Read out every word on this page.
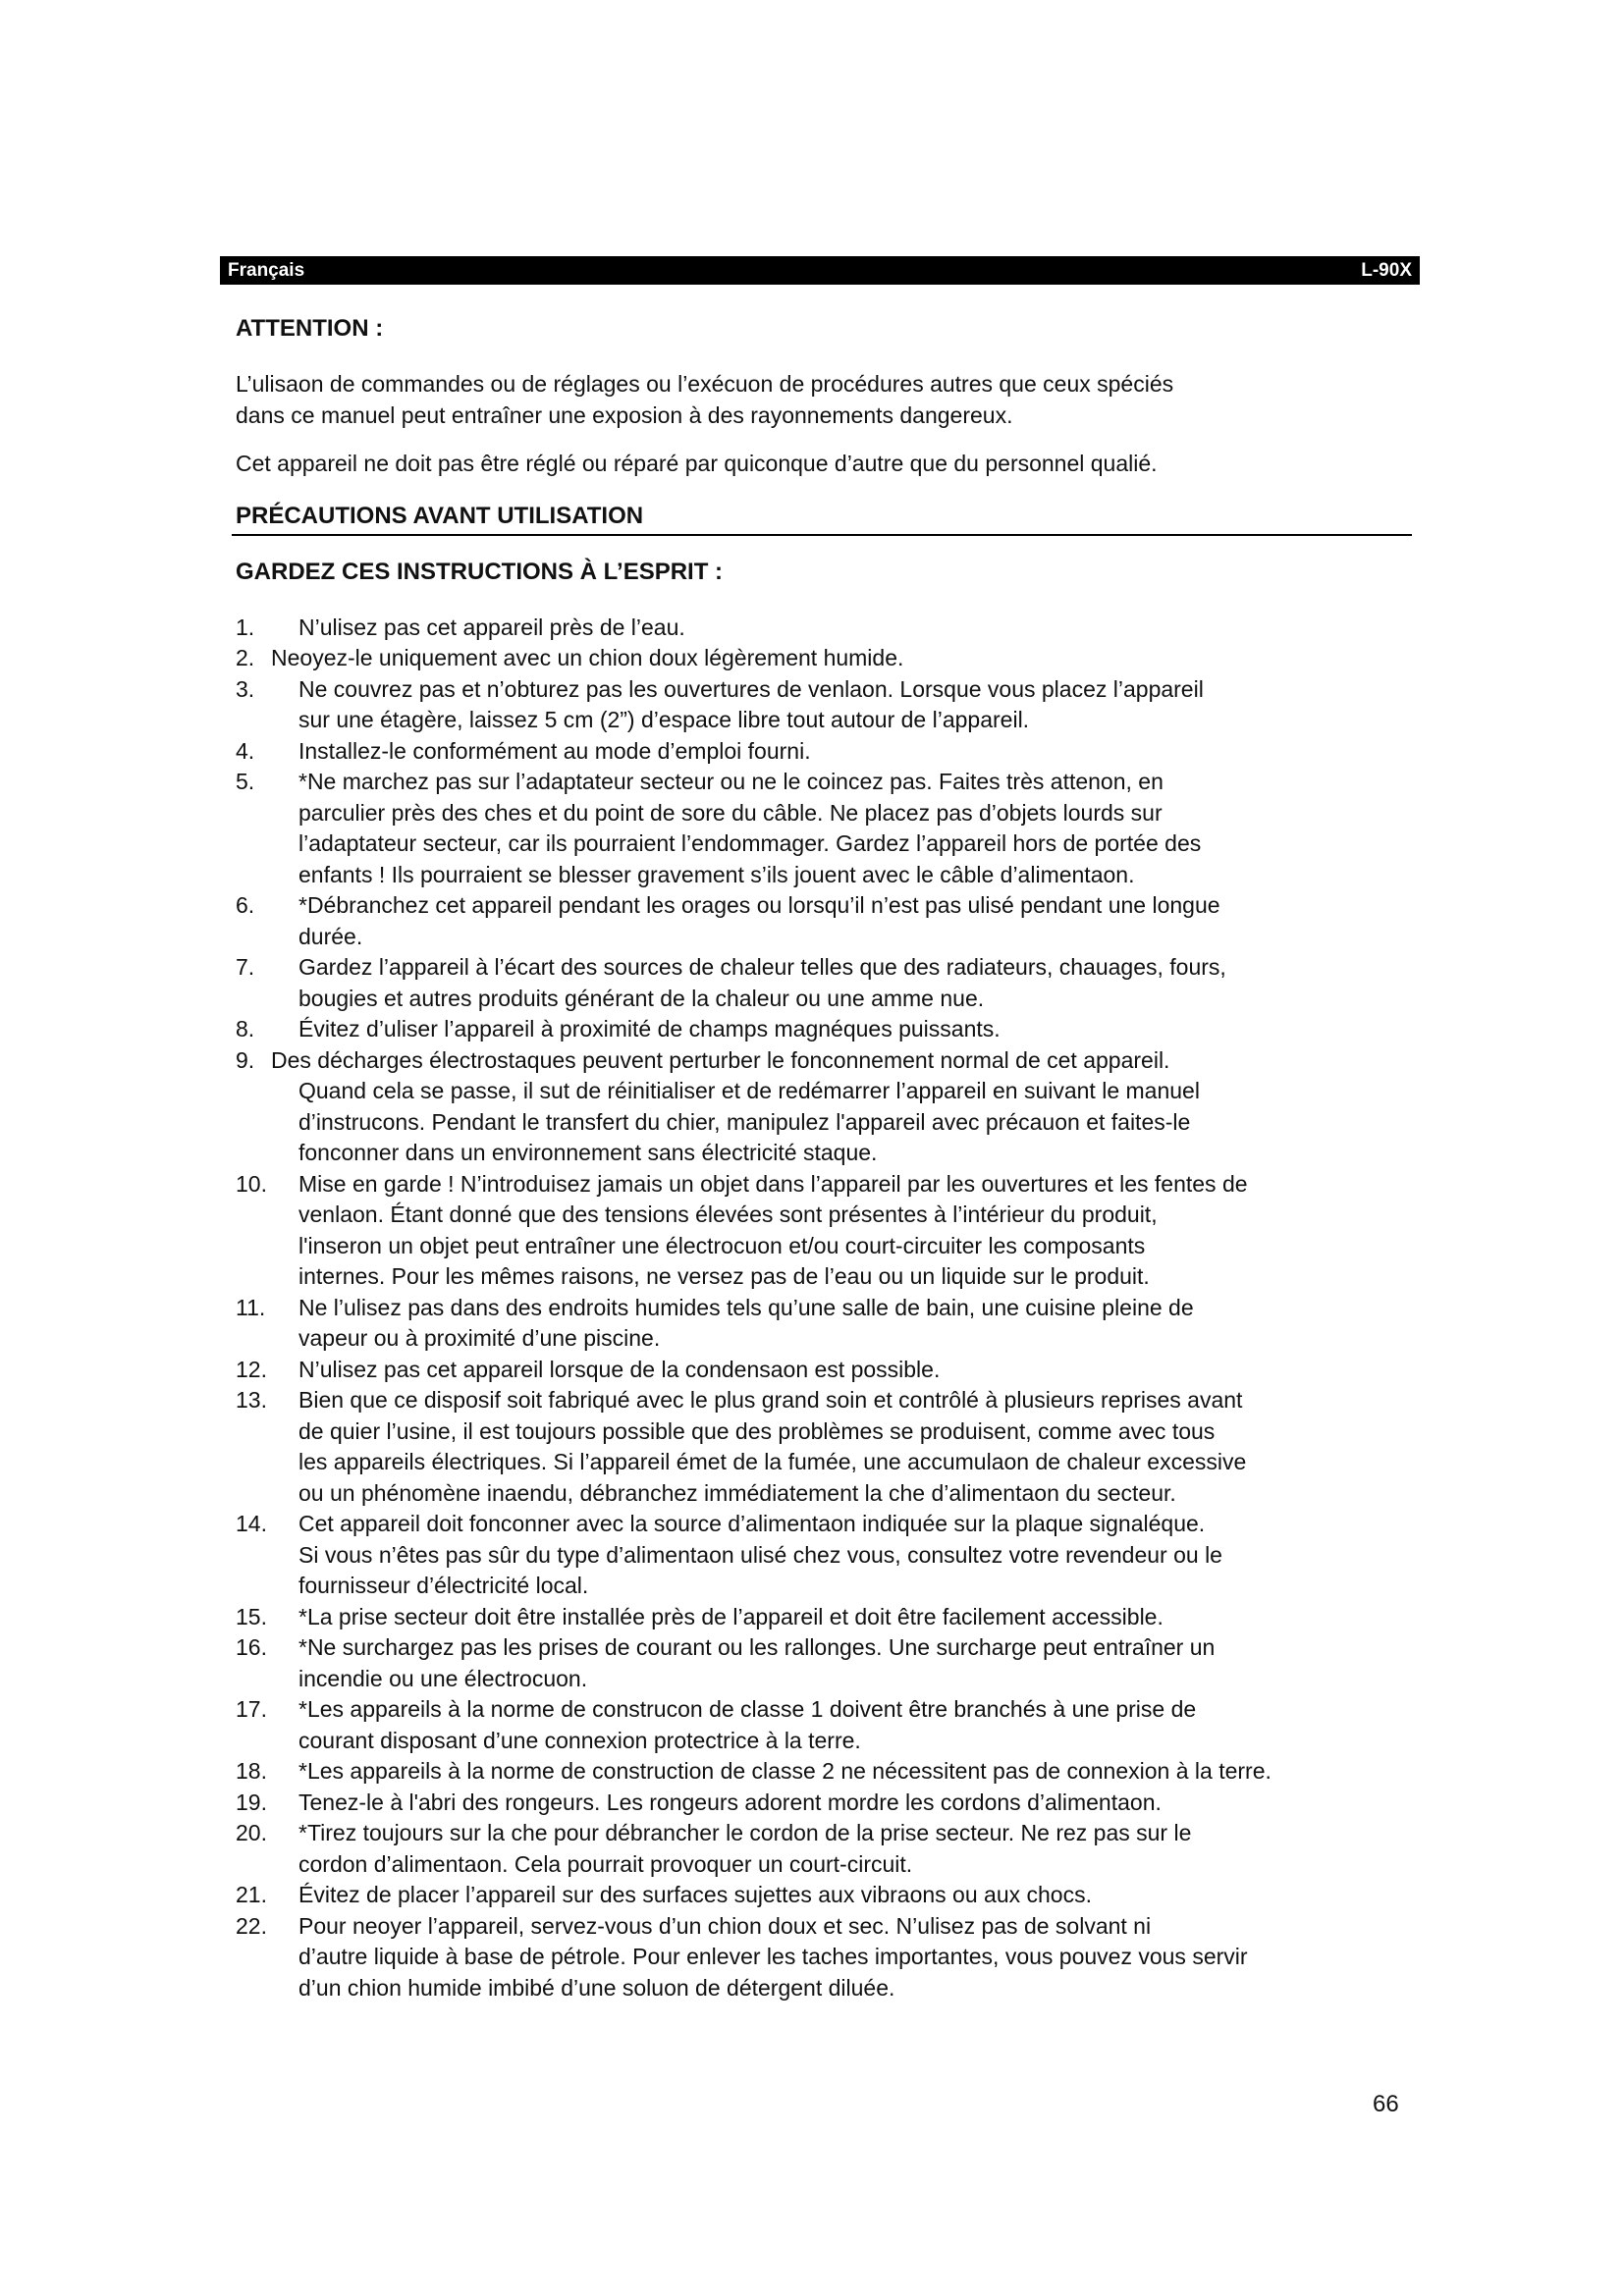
Français	L-90X
ATTENTION :

L’ulisaon de commandes ou de réglages ou l’exécuon de procédures autres que ceux spéciés
dans ce manuel peut entraîner une exposion à des rayonnements dangereux.

Cet appareil ne doit pas être réglé ou réparé par quiconque d’autre que du personnel qualié.

PRÉCAUTIONS AVANT UTILISATION
GARDEZ CES INSTRUCTIONS À L’ESPRIT :
1. N’ulisez pas cet appareil près de l’eau.
2. Neoyez-le uniquement avec un chion doux légèrement humide.
3. Ne couvrez pas et n’obturez pas les ouvertures de venlaon. Lorsque vous placez l’appareil
sur une étagère, laissez 5 cm (2”) d’espace libre tout autour de l’appareil.
4. Installez-le conformément au mode d’emploi fourni.
5. *Ne marchez pas sur l’adaptateur secteur ou ne le coincez pas. Faites très attenon, en
parculier près des ches et du point de sore du câble. Ne placez pas d’objets lourds sur
l’adaptateur secteur, car ils pourraient l’endommager. Gardez l’appareil hors de portée des
enfants ! Ils pourraient se blesser gravement s’ils jouent avec le câble d’alimentaon.
6. *Débranchez cet appareil pendant les orages ou lorsqu’il n’est pas ulisé pendant une longue
durée.
7. Gardez l’appareil à l’écart des sources de chaleur telles que des radiateurs, chauages, fours,
bougies et autres produits générant de la chaleur ou une amme nue.
8. Évitez d’uliser l’appareil à proximité de champs magnéques puissants.
9. Des décharges électrostaques peuvent perturber le fonconnement normal de cet appareil.
Quand cela se passe, il sut de réinitialiser et de redémarrer l’appareil en suivant le manuel
d’instrucons. Pendant le transfert du chier, manipulez l'appareil avec précauon et faites-le
fonconner dans un environnement sans électricité staque.
10. Mise en garde ! N’introduisez jamais un objet dans l’appareil par les ouvertures et les fentes de
venlaon. Étant donné que des tensions élevées sont présentes à l’intérieur du produit,
l'inseron un objet peut entraîner une électrocuon et/ou court-circuiter les composants
internes. Pour les mêmes raisons, ne versez pas de l’eau ou un liquide sur le produit.
11. Ne l’ulisez pas dans des endroits humides tels qu’une salle de bain, une cuisine pleine de
vapeur ou à proximité d’une piscine.
12. N’ulisez pas cet appareil lorsque de la condensaon est possible.
13. Bien que ce disposif soit fabriqué avec le plus grand soin et contrôlé à plusieurs reprises avant
de quier l’usine, il est toujours possible que des problèmes se produisent, comme avec tous
les appareils électriques. Si l’appareil émet de la fumée, une accumulaon de chaleur excessive
ou un phénomène inaendu, débranchez immédiatement la che d’alimentaon du secteur.
14. Cet appareil doit fonconner avec la source d’alimentaon indiquée sur la plaque signaléque.
Si vous n’êtes pas sûr du type d’alimentaon ulisé chez vous, consultez votre revendeur ou le
fournisseur d’électricité local.
15. *La prise secteur doit être installée près de l’appareil et doit être facilement accessible.
16. *Ne surchargez pas les prises de courant ou les rallonges. Une surcharge peut entraîner un
incendie ou une électrocuon.
17. *Les appareils à la norme de construcon de classe 1 doivent être branchés à une prise de
courant disposant d’une connexion protectrice à la terre.
18. *Les appareils à la norme de construction de classe 2 ne nécessitent pas de connexion à la terre.
19. Tenez-le à l'abri des rongeurs. Les rongeurs adorent mordre les cordons d’alimentaon.
20. *Tirez toujours sur la che pour débrancher le cordon de la prise secteur. Ne rez pas sur le
cordon d’alimentaon. Cela pourrait provoquer un court-circuit.
21. Évitez de placer l’appareil sur des surfaces sujettes aux vibraons ou aux chocs.
22. Pour neoyer l’appareil, servez-vous d’un chion doux et sec. N’ulisez pas de solvant ni
d’autre liquide à base de pétrole. Pour enlever les taches importantes, vous pouvez vous servir
d’un chion humide imbibé d’une soluon de détergent diluée.
66
